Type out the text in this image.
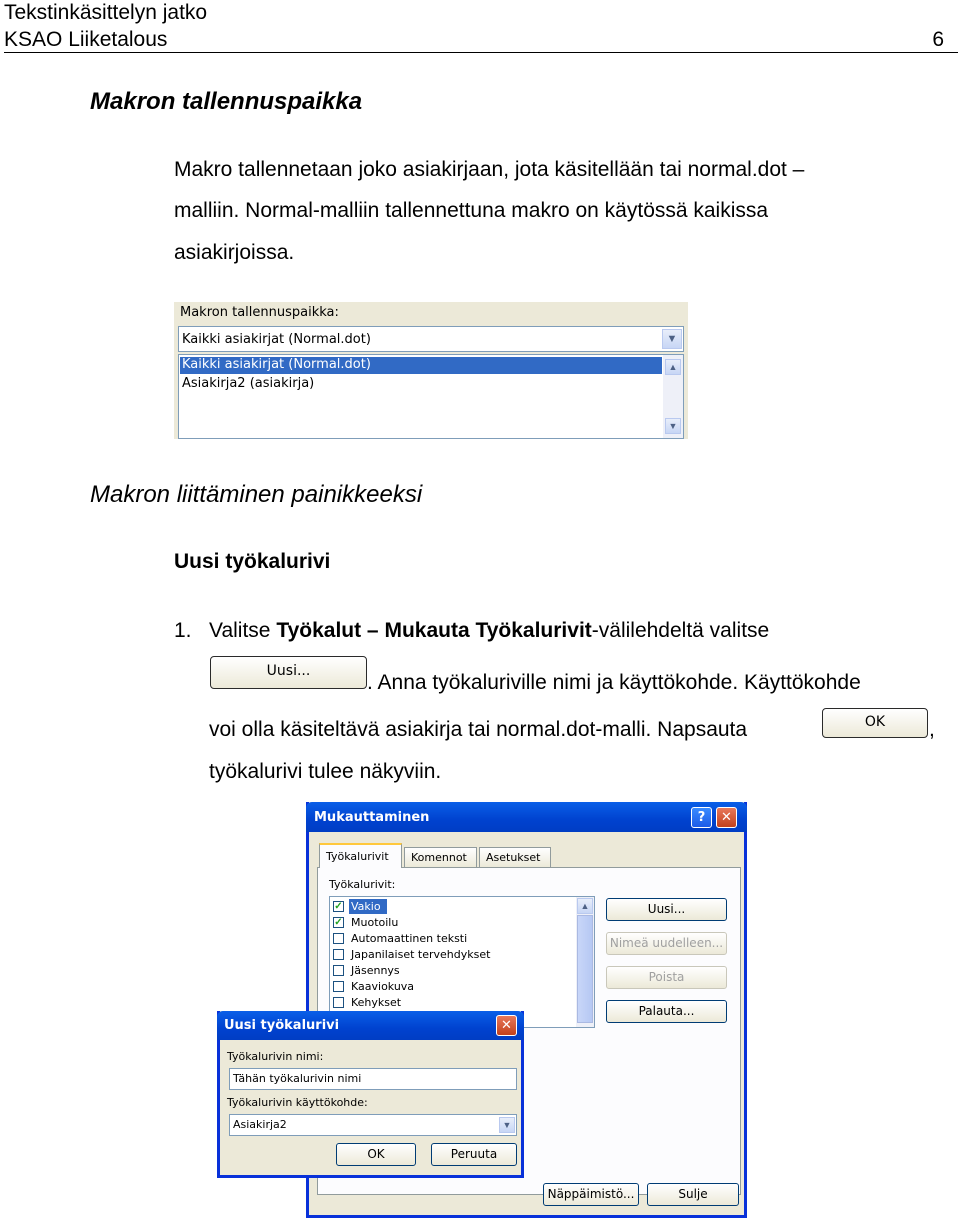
Tekstinkäsittelyn jatko
KSAO Liiketalous	6
Makron tallennuspaikka
Makro tallennetaan joko asiakirjaan, jota käsitellään tai normal.dot –
malliin. Normal-malliin tallennettuna makro on käytössä kaikissa
asiakirjoissa.
Makron tallennuspaikka:
Kaikki asiakirjat (Normal.dot)	▼
Kaikki asiakirjat (Normal.dot)
Asiakirja2 (asiakirja)
▲
▼
Makron liittäminen painikkeeksi
Uusi työkalurivi
1. Valitse Työkalut – Mukauta Työkalurivit-välilehdeltä valitse
Uusi...	. Anna työkaluriville nimi ja käyttökohde. Käyttökohde
voi olla käsiteltävä asiakirja tai normal.dot-malli. Napsauta	OK	,
työkalurivi tulee näkyviin.
Mukauttaminen	?	✕
Työkalurivit	Komennot	Asetukset
Työkalurivit:
✓
✓
Vakio
Muotoilu
Automaattinen teksti
Japanilaiset tervehdykset
Jäsennys
Kaaviokuva
Kehykset
▲	Uusi...
Nimeä uudelleen...
Poista
Palauta...
Näppäimistö...	Sulje
Uusi työkalurivi	✕
Työkalurivin nimi:
Tähän työkalurivin nimi
Työkalurivin käyttökohde:
Asiakirja2	▼
OK	Peruuta
